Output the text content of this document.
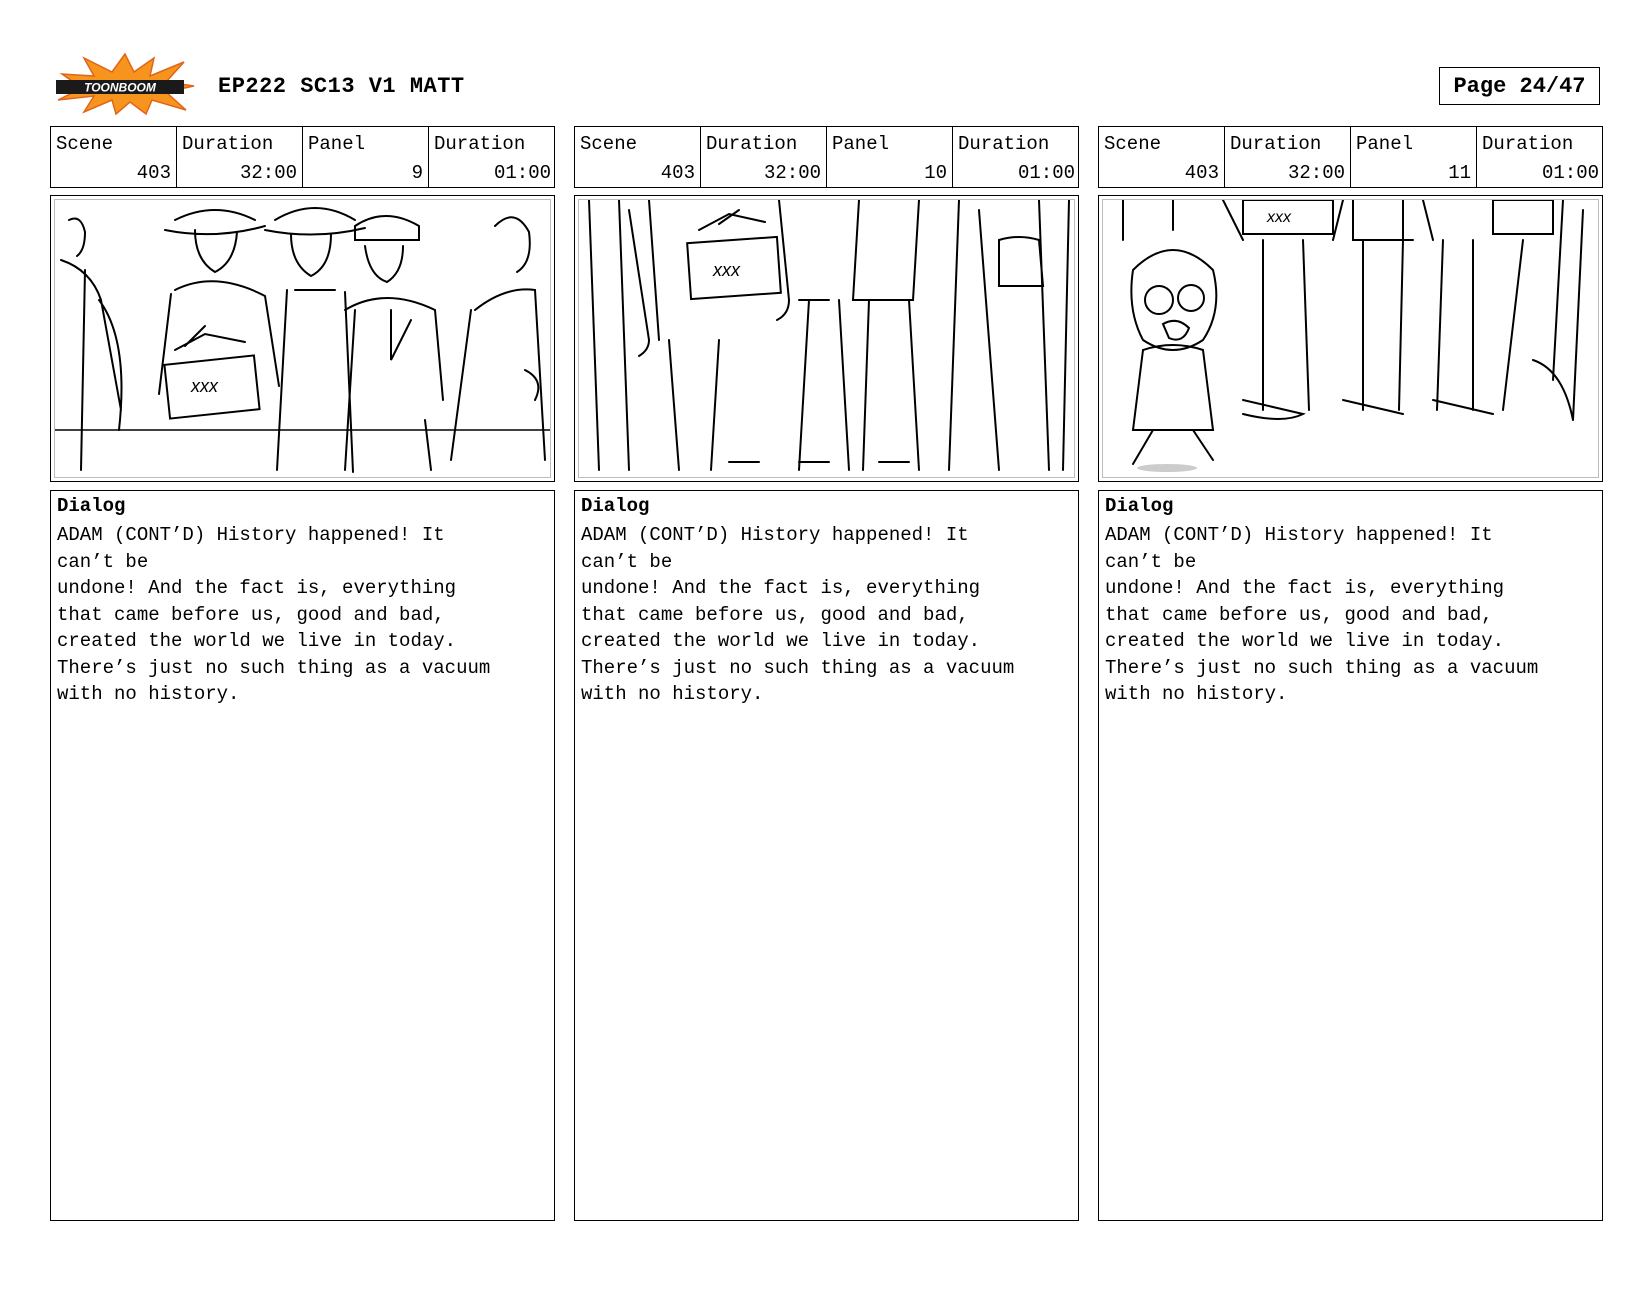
TOONBOOM	EP222 SC13 V1 MATT	Page 24/47
Scene
403
Duration
32:00
Panel
9
Duration
01:00
xxx
Dialog
ADAM (CONT’D) History happened! It
can’t be
undone! And the fact is, everything
that came before us, good and bad,
created the world we live in today.
There’s just no such thing as a vacuum
with no history.
Scene
403
Duration
32:00
Panel
10
Duration
01:00
xxx
Dialog
ADAM (CONT’D) History happened! It
can’t be
undone! And the fact is, everything
that came before us, good and bad,
created the world we live in today.
There’s just no such thing as a vacuum
with no history.
Scene
403
Duration
32:00
Panel
11
Duration
01:00
xxx
Dialog
ADAM (CONT’D) History happened! It
can’t be
undone! And the fact is, everything
that came before us, good and bad,
created the world we live in today.
There’s just no such thing as a vacuum
with no history.
